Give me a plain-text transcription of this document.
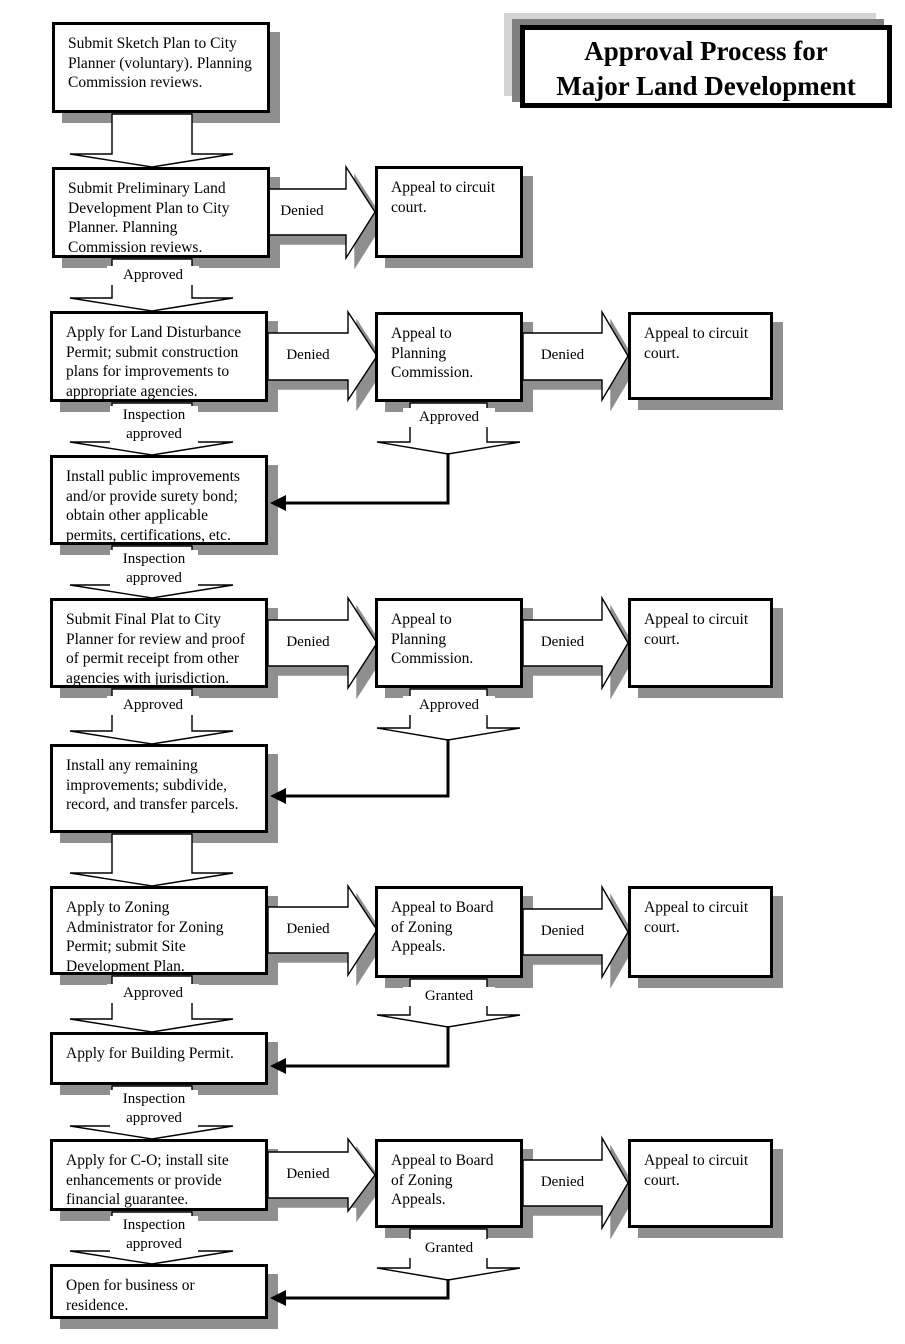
Approval Process for
Major Land Development
Submit Sketch Plan to City Planner (voluntary). Planning Commission reviews.
Submit Preliminary Land Development Plan to City Planner. Planning Commission reviews.
Apply for Land Disturbance Permit; submit construction plans for improvements to appropriate agencies.
Install public improvements and/or provide surety bond; obtain other applicable permits, certifications, etc.
Submit Final Plat to City Planner for review and proof of permit receipt from other agencies with jurisdiction.
Install any remaining improvements; subdivide, record, and transfer parcels.
Apply to Zoning Administrator for Zoning Permit; submit Site Development Plan.
Apply for Building Permit.
Apply for C-O; install site enhancements or provide financial guarantee.
Open for business or residence.
Appeal to circuit court.
Appeal to Planning Commission.
Appeal to Planning Commission.
Appeal to Board of Zoning Appeals.
Appeal to Board of Zoning Appeals.
Appeal to circuit court.
Appeal to circuit court.
Appeal to circuit court.
Appeal to circuit court.
Denied
Denied	Denied
Denied	Denied
Denied	Denied
Denied	Denied
Approved
Inspection approved
Inspection approved
Approved
Approved
Inspection approved
Inspection approved
Approved
Approved
Granted
Granted
